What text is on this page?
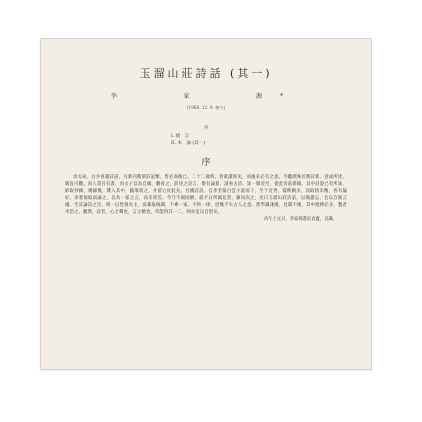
玉溜山莊詩話 (其一)
李　　家　　源*
(1968. 12. 9. 接수)
序
I. 緒　言
II. 本　論 (其一)
序

余无命，白少喜讀詩話，凡新刊舊刻詩話類，皆必而後已。二十二歲時，曾欲讀經史，而後未必有之意。今聽潤殊於舊詩新。意成所述，簡直可觀。而人書目有書，而文子以為自爾。翻看之，前述之詩言，惟有論篆，請看古詩，詠一簡詩至，從此有前新稿。其中詩說已有所詠，鈔取抄錄，總錄後，雜入其中，隨筆寫之，并留心於此矣。吾國詩話，自李奎報白雲小說而下，至于近世，篇帙頗多，而取捨未精，各有偏好。余嘗欲取而論之，以為一家之言，而未果焉。今乃不揣固陋，就平日所聞見者，錄而次之，名曰玉溜山莊詩話，以備遺忘，且以自娛云爾。至其論詩之旨，則一以性情為主，而兼取格調，不專一家，不拘一律，庶幾不失古人之意。然學識淺薄，見聞不廣，其中紕繆必多，覽者幸恕之。雖然，詩者，心之聲也，言之精也，苟能得其一二，則亦足以自慰矣。

丙午上元日，李家源書於貞盦，自識。
